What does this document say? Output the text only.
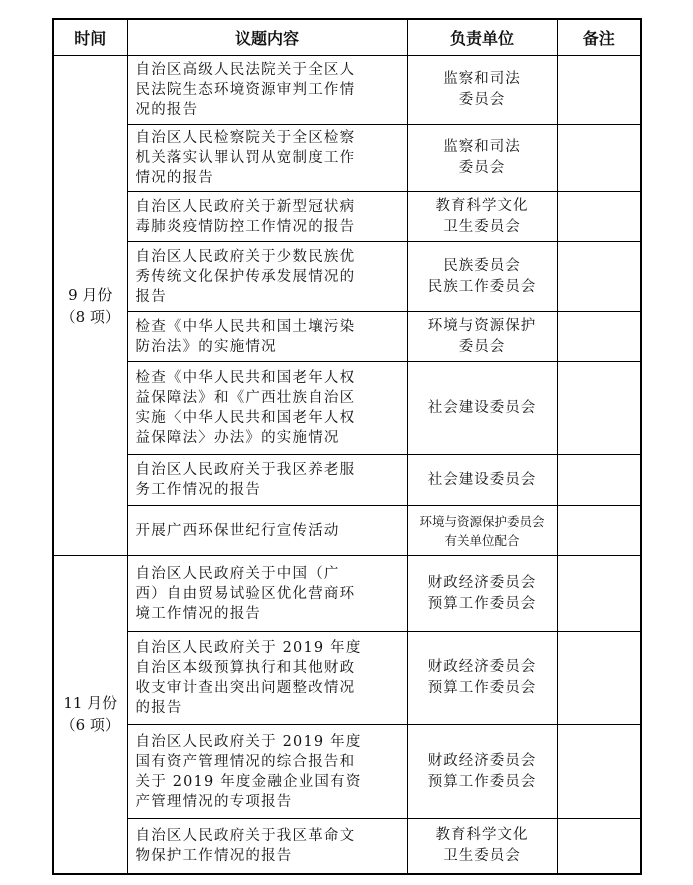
时间	议题内容	负责单位	备注

9 月份
（8 项）	自治区高级人民法院关于全区人
民法院生态环境资源审判工作情
况的报告	监察和司法
委员会	

	自治区人民检察院关于全区检察
机关落实认罪认罚从宽制度工作
情况的报告	监察和司法
委员会	

	自治区人民政府关于新型冠状病
毒肺炎疫情防控工作情况的报告	教育科学文化
卫生委员会	

	自治区人民政府关于少数民族优
秀传统文化保护传承发展情况的
报告	民族委员会
民族工作委员会	

	检查《中华人民共和国土壤污染
防治法》的实施情况	环境与资源保护
委员会	

	检查《中华人民共和国老年人权
益保障法》和《广西壮族自治区
实施〈中华人民共和国老年人权
益保障法〉办法》的实施情况	社会建设委员会	

	自治区人民政府关于我区养老服
务工作情况的报告	社会建设委员会	

	开展广西环保世纪行宣传活动	环境与资源保护委员会
有关单位配合	

11 月份
（6 项）	自治区人民政府关于中国（广
西）自由贸易试验区优化营商环
境工作情况的报告	财政经济委员会
预算工作委员会	

	自治区人民政府关于 2019 年度
自治区本级预算执行和其他财政
收支审计查出突出问题整改情况
的报告	财政经济委员会
预算工作委员会	

	自治区人民政府关于 2019 年度
国有资产管理情况的综合报告和
关于 2019 年度金融企业国有资
产管理情况的专项报告	财政经济委员会
预算工作委员会	

	自治区人民政府关于我区革命文
物保护工作情况的报告	教育科学文化
卫生委员会	
